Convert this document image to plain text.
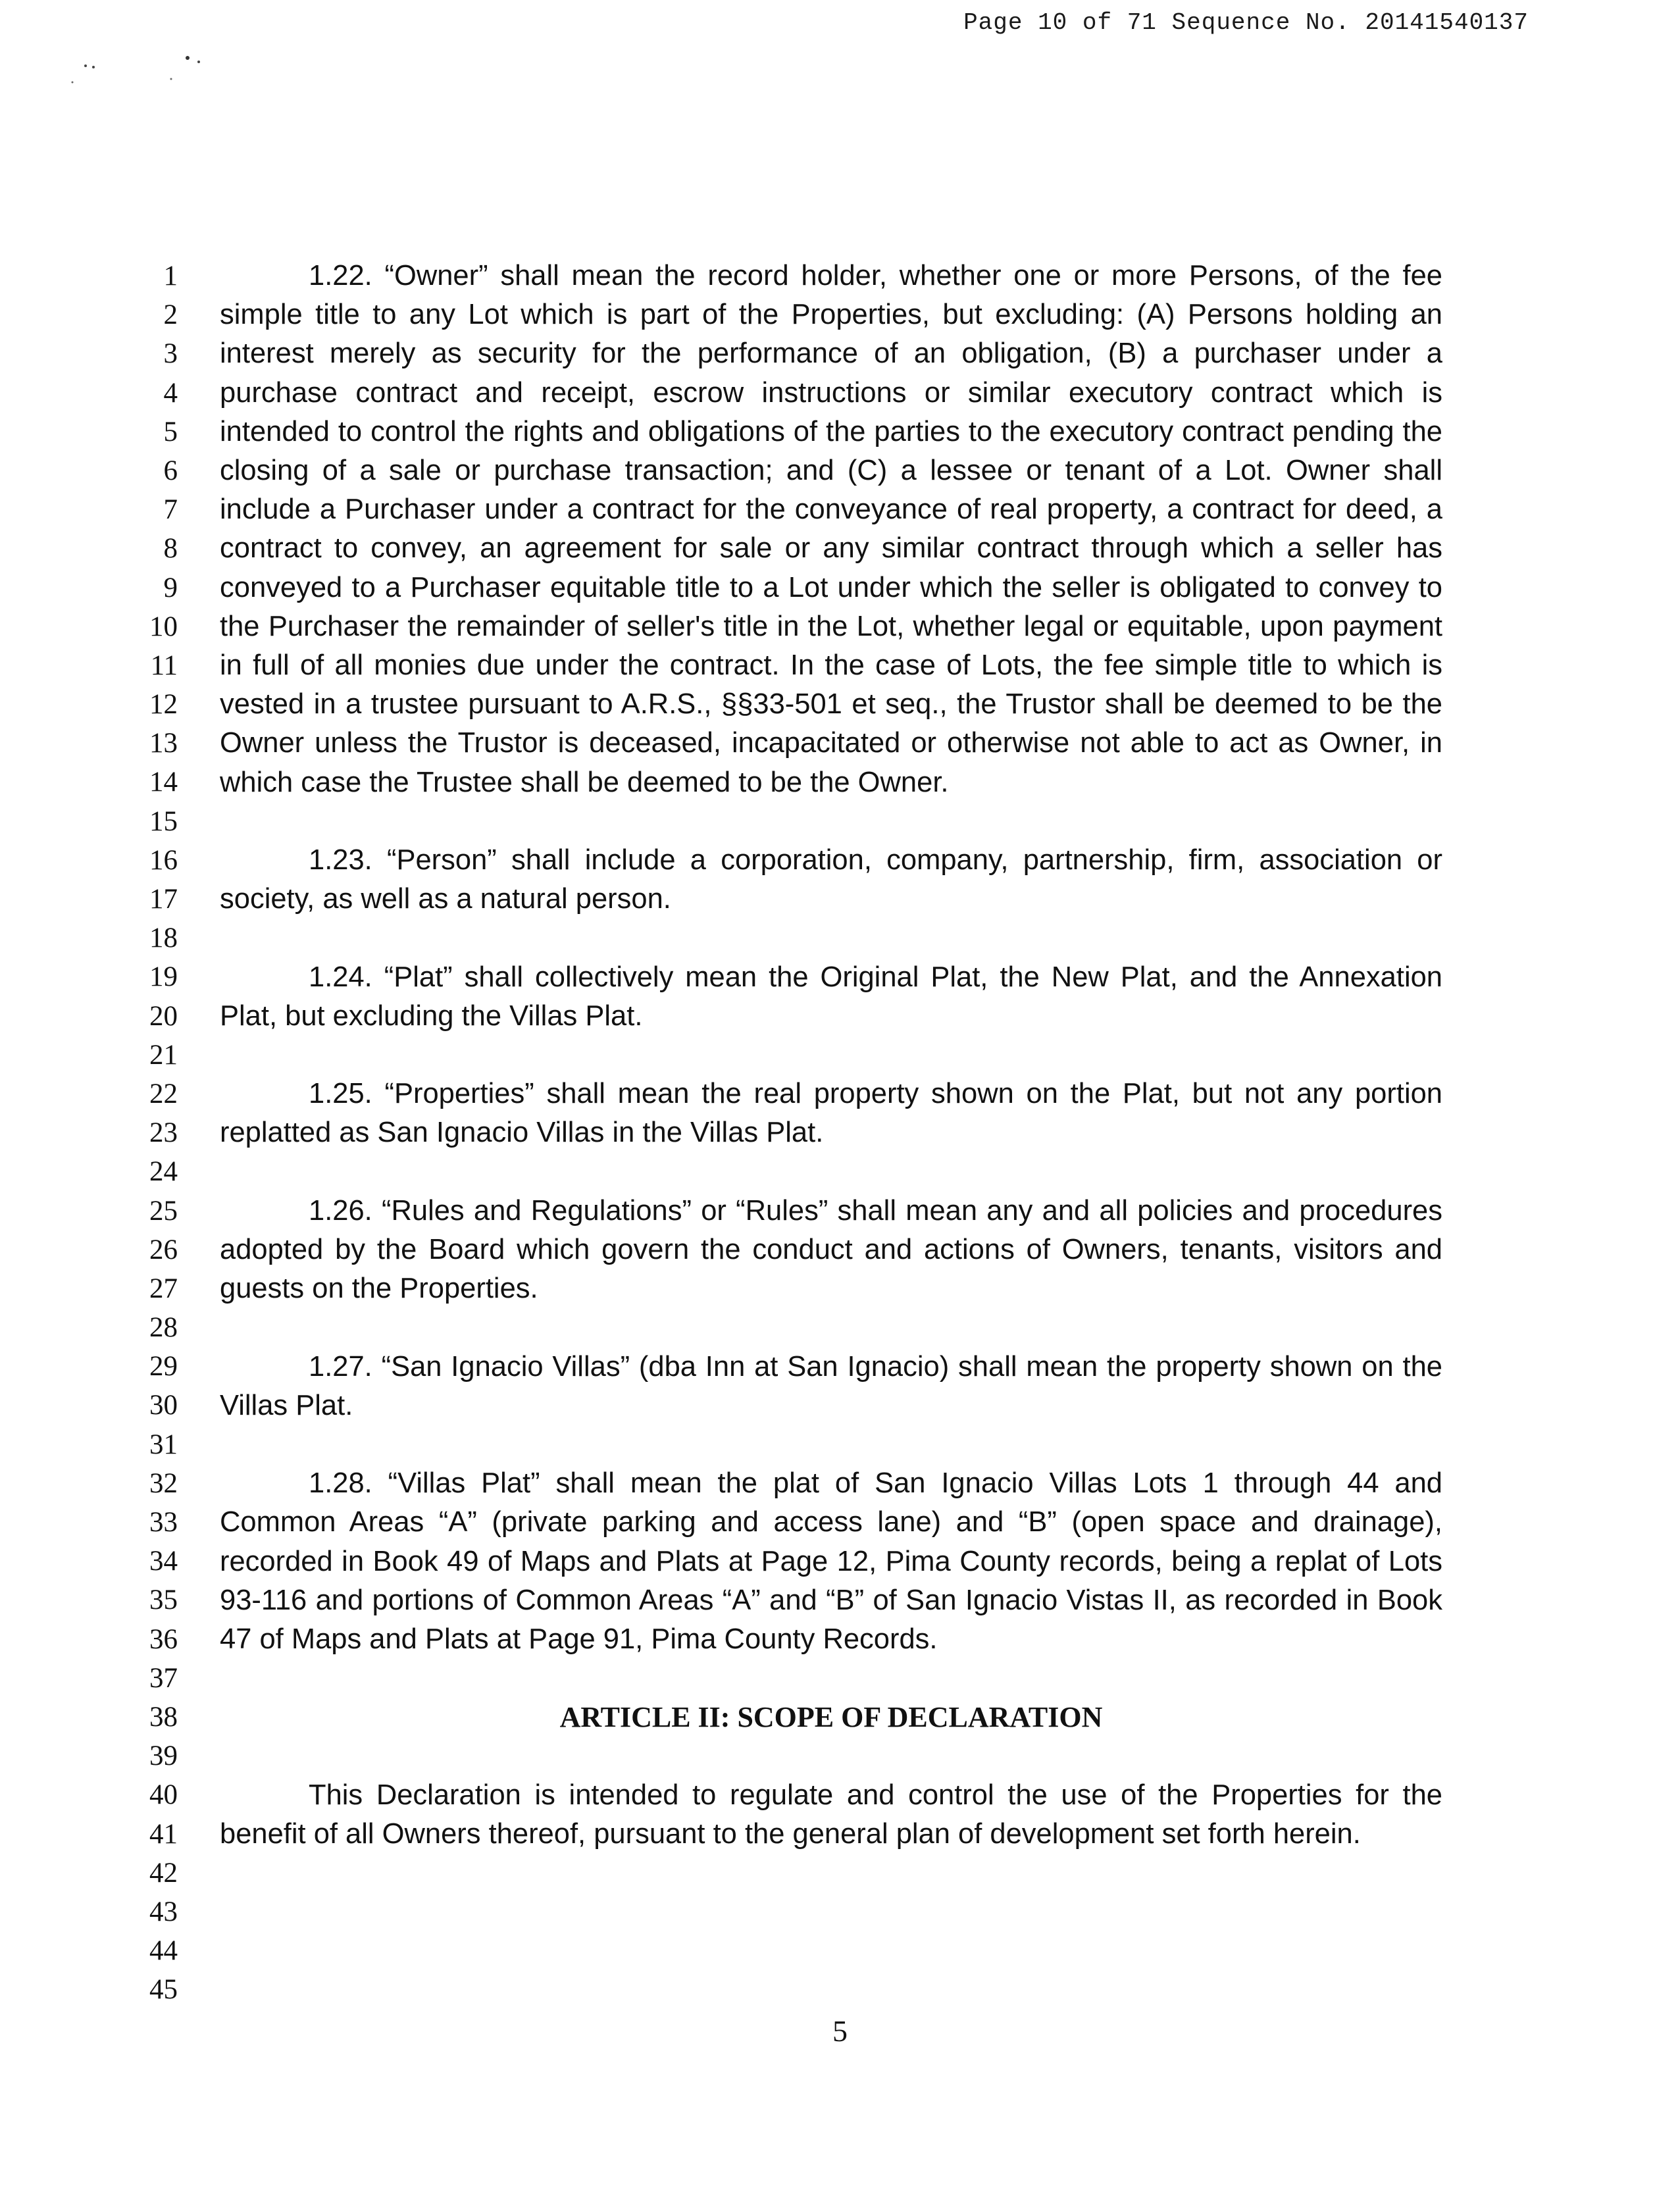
Page 10 of 71 Sequence No. 20141540137
1
2
3
4
5
6
7
8
9
10
11
12
13
14
15
16
17
18
19
20
21
22
23
24
25
26
27
28
29
30
31
32
33
34
35
36
37
38
39
40
41
42
43
44
45

1.22. “Owner” shall mean the record holder, whether one or more Persons, of the fee simple title to any Lot which is part of the Properties, but excluding: (A) Persons holding an interest merely as security for the performance of an obligation, (B) a purchaser under a purchase contract and receipt, escrow instructions or similar executory contract which is intended to control the rights and obligations of the parties to the executory contract pending the closing of a sale or purchase transaction; and (C) a lessee or tenant of a Lot. Owner shall include a Purchaser under a contract for the conveyance of real property, a contract for deed, a contract to convey, an agreement for sale or any similar contract through which a seller has conveyed to a Purchaser equitable title to a Lot under which the seller is obligated to convey to the Purchaser the remainder of seller's title in the Lot, whether legal or equitable, upon payment in full of all monies due under the contract. In the case of Lots, the fee simple title to which is vested in a trustee pursuant to A.R.S., §§33-501 et seq., the Trustor shall be deemed to be the Owner unless the Trustor is deceased, incapacitated or otherwise not able to act as Owner, in which case the Trustee shall be deemed to be the Owner.

1.23. “Person” shall include a corporation, company, partnership, firm, association or society, as well as a natural person.

1.24. “Plat” shall collectively mean the Original Plat, the New Plat, and the Annexation Plat, but excluding the Villas Plat.

1.25. “Properties” shall mean the real property shown on the Plat, but not any portion replatted as San Ignacio Villas in the Villas Plat.

1.26. “Rules and Regulations” or “Rules” shall mean any and all policies and procedures adopted by the Board which govern the conduct and actions of Owners, tenants, visitors and guests on the Properties.

1.27. “San Ignacio Villas” (dba Inn at San Ignacio) shall mean the property shown on the Villas Plat.

1.28. “Villas Plat” shall mean the plat of San Ignacio Villas Lots 1 through 44 and Common Areas “A” (private parking and access lane) and “B” (open space and drainage), recorded in Book 49 of Maps and Plats at Page 12, Pima County records, being a replat of Lots 93-116 and portions of Common Areas “A” and “B” of San Ignacio Vistas II, as recorded in Book 47 of Maps and Plats at Page 91, Pima County Records.

ARTICLE II: SCOPE OF DECLARATION

This Declaration is intended to regulate and control the use of the Properties for the benefit of all Owners thereof, pursuant to the general plan of development set forth herein.

5
